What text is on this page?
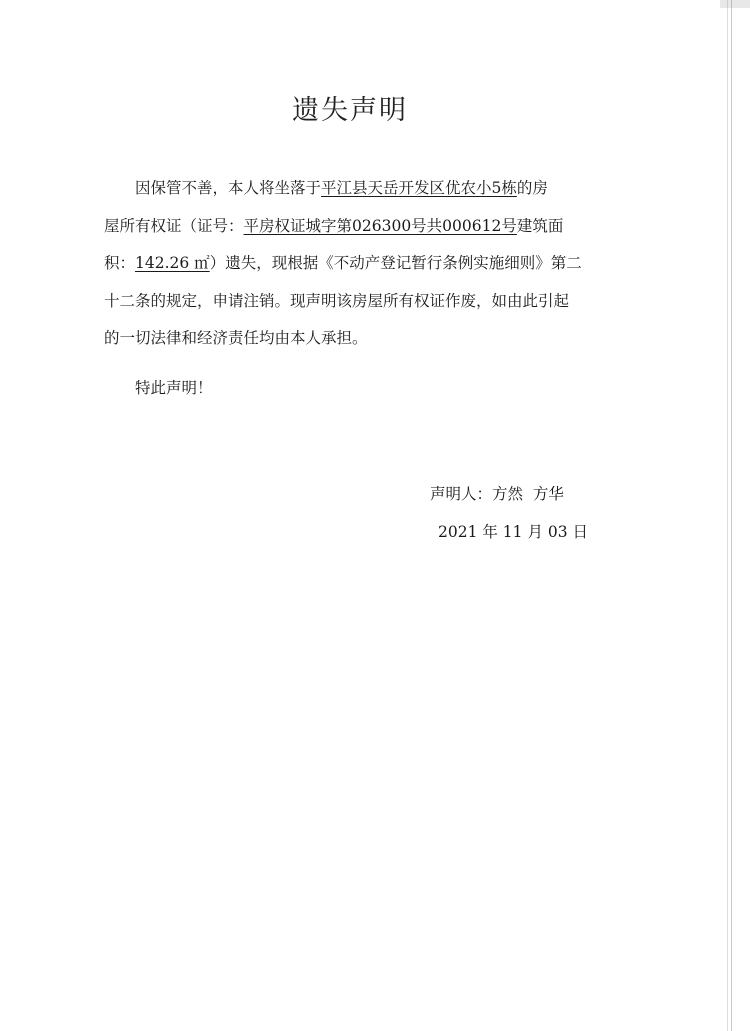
遗失声明
因保管不善，本人将坐落于平江县天岳开发区优农小5栋的房
屋所有权证（证号：平房权证城字第026300号共000612号建筑面
积：142.26 ㎡）遗失，现根据《不动产登记暂行条例实施细则》第二
十二条的规定，申请注销。现声明该房屋所有权证作废，如由此引起
的一切法律和经济责任均由本人承担。
特此声明！
声明人：方然  方华
2021 年 11 月 03 日
